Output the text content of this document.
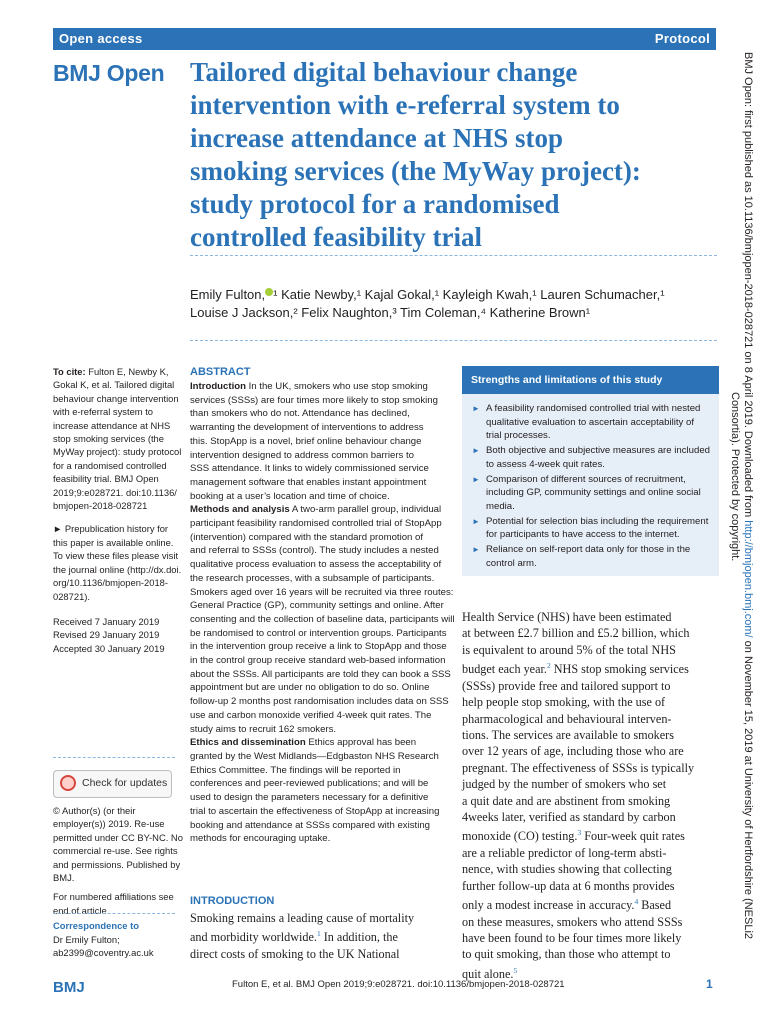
Open access	Protocol
BMJ Open Tailored digital behaviour change
intervention with e-referral system to
increase attendance at NHS stop
smoking services (the MyWay project):
study protocol for a randomised
controlled feasibility trial
Emily Fulton, ¹ Katie Newby,¹ Kajal Gokal,¹ Kayleigh Kwah,¹ Lauren Schumacher,¹
Louise J Jackson,² Felix Naughton,³ Tim Coleman,⁴ Katherine Brown¹
To cite: Fulton E, Newby K,
Gokal K, et al. Tailored digital
behaviour change intervention
with e-referral system to
increase attendance at NHS
stop smoking services (the
MyWay project): study protocol
for a randomised controlled
feasibility trial. BMJ Open
2019;9:e028721. doi:10.1136/
bmjopen-2018-028721
► Prepublication history for
this paper is available online.
To view these files please visit
the journal online (http://dx.doi.
org/10.1136/bmjopen-2018-
028721).
Received 7 January 2019
Revised 29 January 2019
Accepted 30 January 2019
Check for updates
© Author(s) (or their
employer(s)) 2019. Re-use
permitted under CC BY-NC. No
commercial re-use. See rights
and permissions. Published by
BMJ.
For numbered affiliations see
end of article.
Correspondence to
Dr Emily Fulton;
ab2399@coventry.ac.uk
ABSTRACT
Introduction In the UK, smokers who use stop smoking
services (SSSs) are four times more likely to stop smoking
than smokers who do not. Attendance has declined,
warranting the development of interventions to address
this. StopApp is a novel, brief online behaviour change
intervention designed to address common barriers to
SSS attendance. It links to widely commissioned service
management software that enables instant appointment
booking at a user’s location and time of choice.
Methods and analysis A two-arm parallel group, individual
participant feasibility randomised controlled trial of StopApp
(intervention) compared with the standard promotion of
and referral to SSSs (control). The study includes a nested
qualitative process evaluation to assess the acceptability of
the research processes, with a subsample of participants.
Smokers aged over 16 years will be recruited via three routes:
General Practice (GP), community settings and online. After
consenting and the collection of baseline data, participants will
be randomised to control or intervention groups. Participants
in the intervention group receive a link to StopApp and those
in the control group receive standard web-based information
about the SSSs. All participants are told they can book a SSS
appointment but are under no obligation to do so. Online
follow-up 2 months post randomisation includes data on SSS
use and carbon monoxide verified 4-week quit rates. The
study aims to recruit 162 smokers.
Ethics and dissemination Ethics approval has been
granted by the West Midlands—Edgbaston NHS Research
Ethics Committee. The findings will be reported in
conferences and peer-reviewed publications; and will be
used to design the parameters necessary for a definitive
trial to ascertain the effectiveness of StopApp at increasing
booking and attendance at SSSs compared with existing
methods for encouraging uptake.
INTRODUCTION
Smoking remains a leading cause of mortality
and morbidity worldwide.$^1$ In addition, the
direct costs of smoking to the UK National
Strengths and limitations of this study
► A feasibility randomised controlled trial with nested
qualitative evaluation to ascertain acceptability of
trial processes.
► Both objective and subjective measures are included
to assess 4-week quit rates.
► Comparison of different sources of recruitment,
including GP, community settings and online social
media.
► Potential for selection bias including the requirement
for participants to have access to the internet.
► Reliance on self-report data only for those in the
control arm.
Health Service (NHS) have been estimated
at between £2.7 billion and £5.2 billion, which
is equivalent to around 5% of the total NHS
budget each year.$^2$ NHS stop smoking services
(SSSs) provide free and tailored support to
help people stop smoking, with the use of
pharmacological and behavioural interven-
tions. The services are available to smokers
over 12 years of age, including those who are
pregnant. The effectiveness of SSSs is typically
judged by the number of smokers who set
a quit date and are abstinent from smoking
4weeks later, verified as standard by carbon
monoxide (CO) testing.$^3$ Four-week quit rates
are a reliable predictor of long-term absti-
nence, with studies showing that collecting
further follow-up data at 6 months provides
only a modest increase in accuracy.$^4$ Based
on these measures, smokers who attend SSSs
have been found to be four times more likely
to quit smoking, than those who attempt to
quit alone.$^5$
BMJ	Fulton E, et al. BMJ Open 2019;9:e028721. doi:10.1136/bmjopen-2018-028721	1
BMJ Open: first published as 10.1136/bmjopen-2018-028721 on 8 April 2019. Downloaded from http://bmjopen.bmj.com/ on November 15, 2019 at University of Hertfordshire (NESLi2
Consortia). Protected by copyright.
